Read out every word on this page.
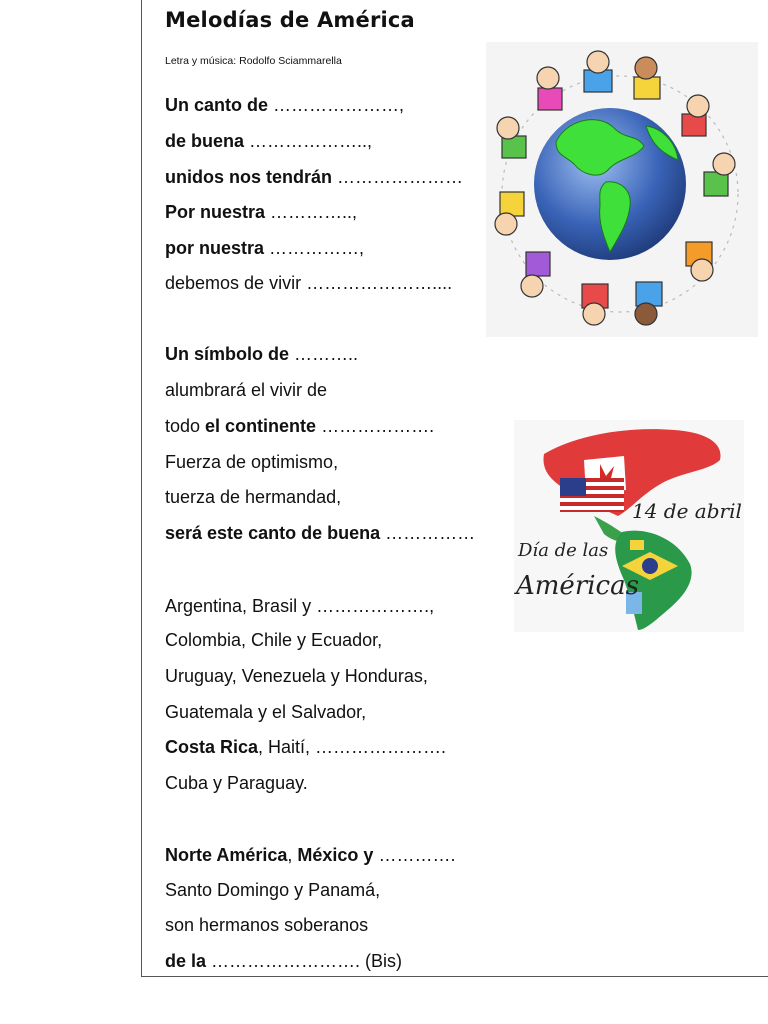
Melodías de América
Letra y música: Rodolfo Sciammarella
Un canto de …………………,
de buena ………………..,
unidos nos tendrán …………………
Por nuestra …………..,
por nuestra ……………,
debemos de vivir …………………....
Un símbolo de ………..
alumbrará el vivir de
todo el continente ……………….
Fuerza de optimismo,
tuerza de hermandad,
será este canto de buena ……………
Argentina, Brasil y ……………….,
Colombia, Chile y Ecuador,
Uruguay, Venezuela y Honduras,
Guatemala y el Salvador,
Costa Rica, Haití, ………………….
Cuba y Paraguay.
Norte América, México y ………….
Santo Domingo y Panamá,
son hermanos soberanos
de la ……………………. (Bis)
14 de abril
Día de las
Américas
